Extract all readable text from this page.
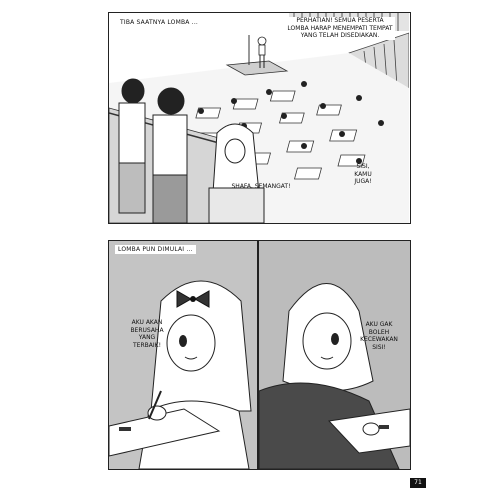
TIBA SAATNYA LOMBA ...	PERHATIAN! SEMUA PESERTA LOMBA HARAP MENEMPATI TEMPAT YANG TELAH DISEDIAKAN.
SISI, KAMU JUGA!
SHAFA, SEMANGAT!
LOMBA PUN DIMULAI ...
AKU AKAN BERUSAHA YANG TERBAIK!
AKU GAK BOLEH KECEWAKAN SISI!
71
